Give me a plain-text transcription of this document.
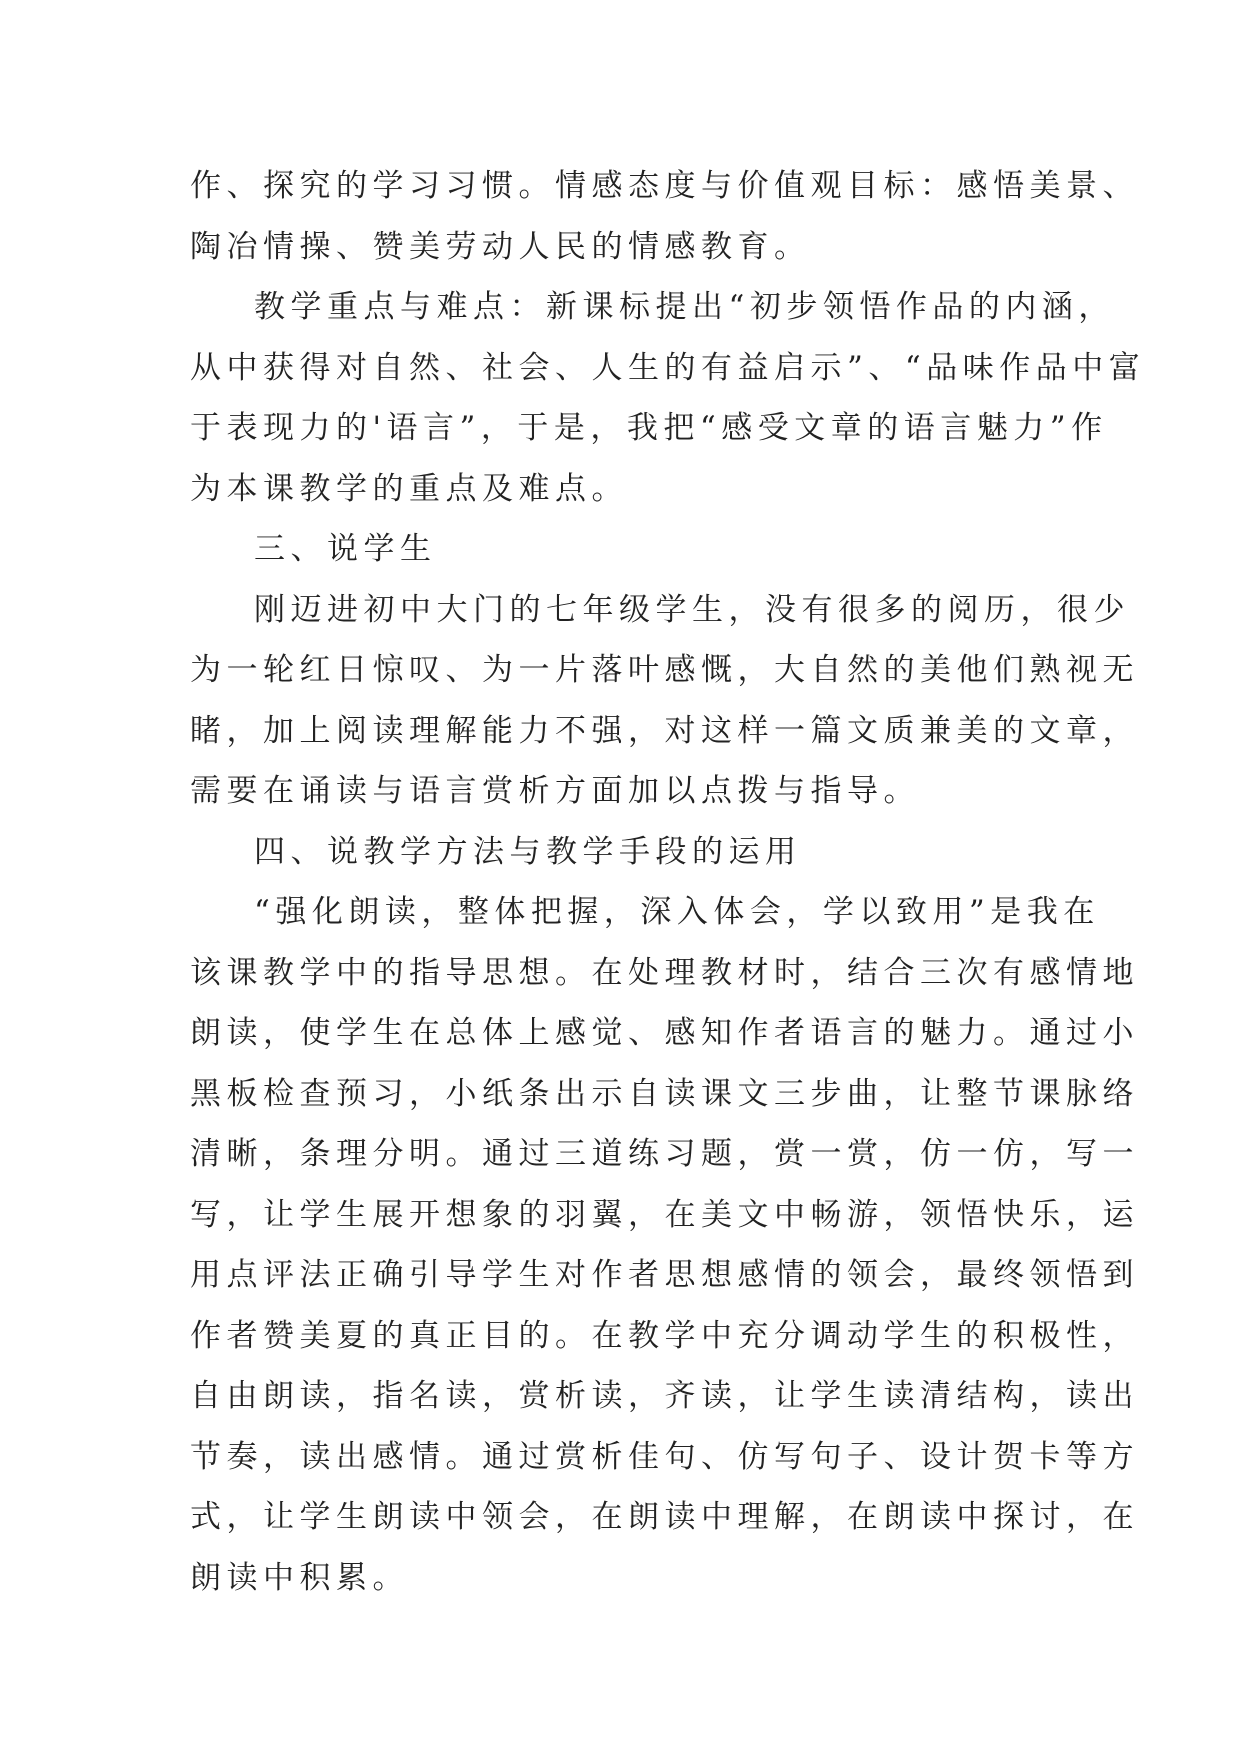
作、探究的学习习惯。情感态度与价值观目标：感悟美景、
陶冶情操、赞美劳动人民的情感教育。

教学重点与难点：新课标提出“初步领悟作品的内涵，
从中获得对自然、社会、人生的有益启示”、“品味作品中富
于表现力的'语言”，于是，我把“感受文章的语言魅力”作
为本课教学的重点及难点。

三、说学生

刚迈进初中大门的七年级学生，没有很多的阅历，很少
为一轮红日惊叹、为一片落叶感慨，大自然的美他们熟视无
睹，加上阅读理解能力不强，对这样一篇文质兼美的文章，
需要在诵读与语言赏析方面加以点拨与指导。

四、说教学方法与教学手段的运用

“强化朗读，整体把握，深入体会，学以致用”是我在
该课教学中的指导思想。在处理教材时，结合三次有感情地
朗读，使学生在总体上感觉、感知作者语言的魅力。通过小
黑板检查预习，小纸条出示自读课文三步曲，让整节课脉络
清晰，条理分明。通过三道练习题，赏一赏，仿一仿，写一
写，让学生展开想象的羽翼，在美文中畅游，领悟快乐，运
用点评法正确引导学生对作者思想感情的领会，最终领悟到
作者赞美夏的真正目的。在教学中充分调动学生的积极性，
自由朗读，指名读，赏析读，齐读，让学生读清结构，读出
节奏，读出感情。通过赏析佳句、仿写句子、设计贺卡等方
式，让学生朗读中领会，在朗读中理解，在朗读中探讨，在
朗读中积累。
